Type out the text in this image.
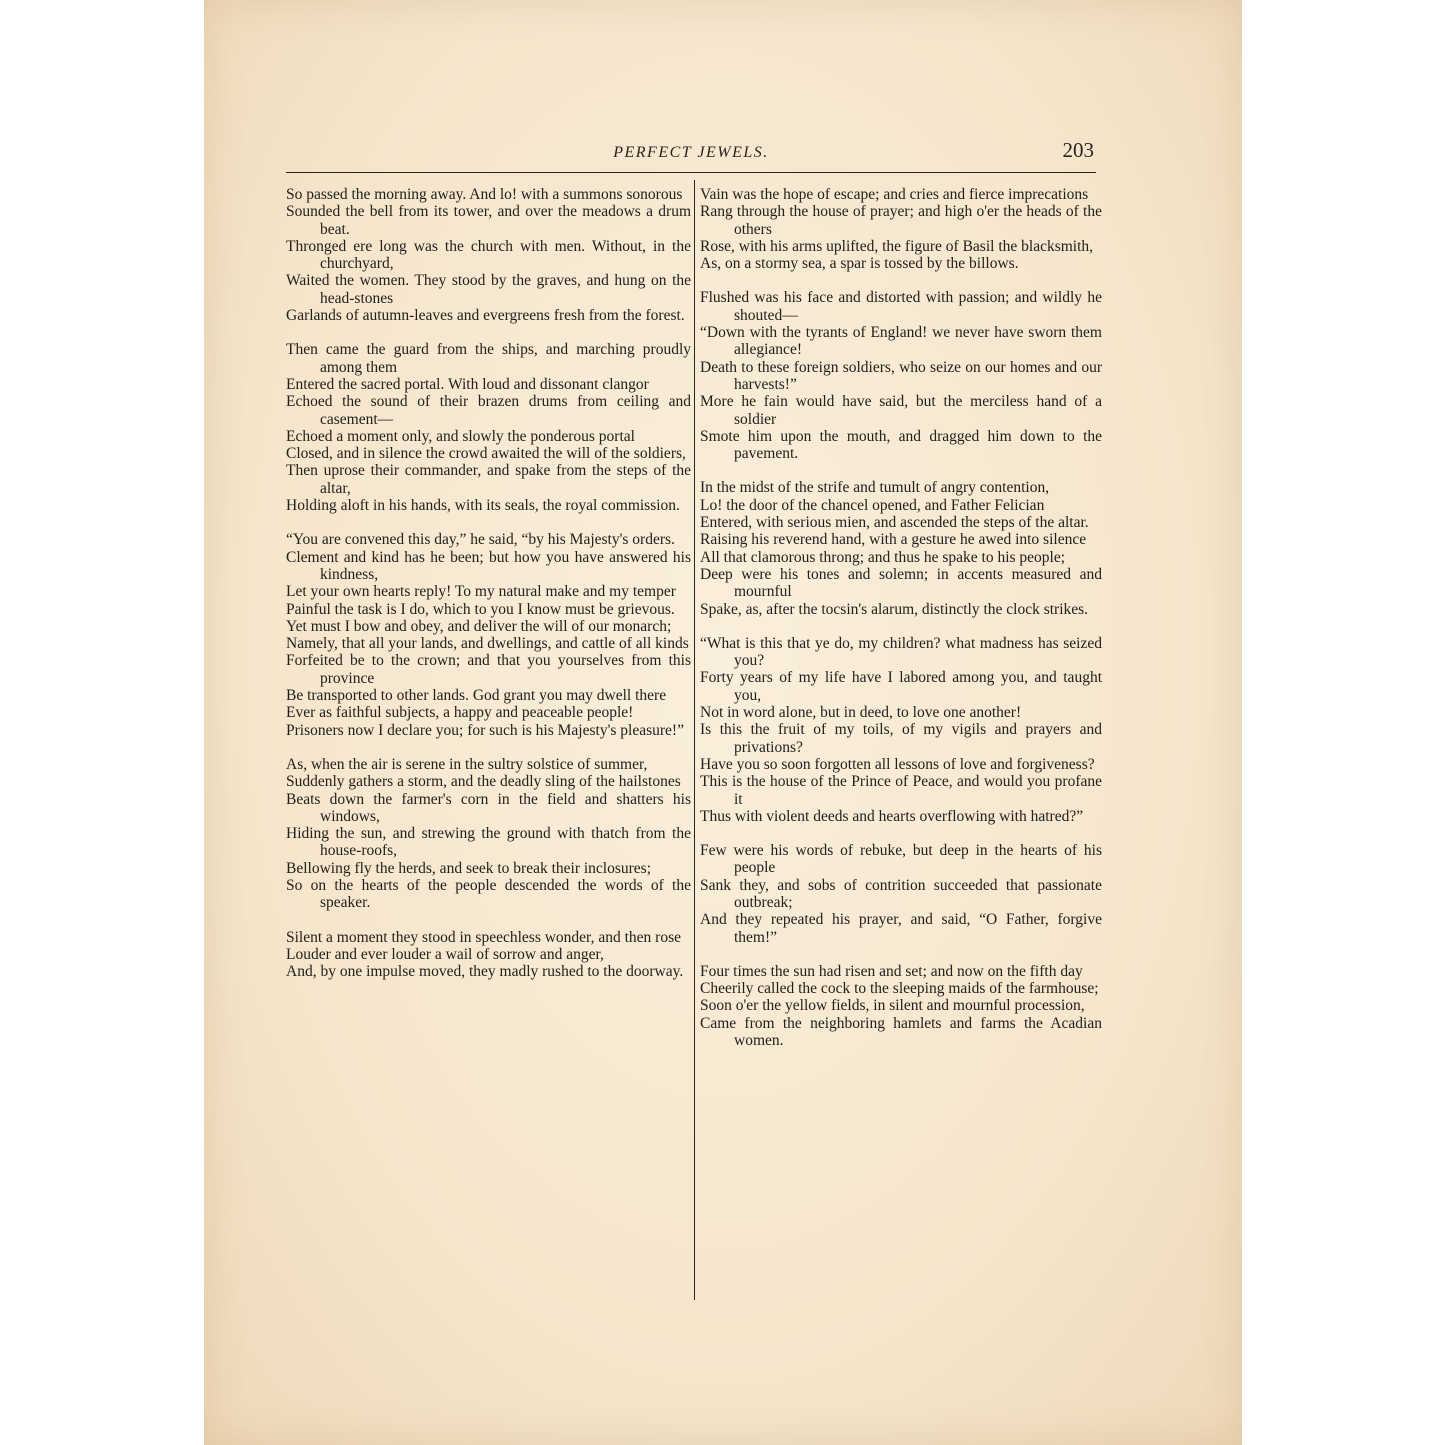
PERFECT JEWELS.	203

So passed the morning away. And lo! with a summons sonorous

Sounded the bell from its tower, and over the meadows a drum beat.

Thronged ere long was the church with men. Without, in the churchyard,

Waited the women. They stood by the graves, and hung on the head-stones

Garlands of autumn-leaves and evergreens fresh from the forest.

Then came the guard from the ships, and marching proudly among them

Entered the sacred portal. With loud and dissonant clangor

Echoed the sound of their brazen drums from ceiling and casement—

Echoed a moment only, and slowly the ponderous portal

Closed, and in silence the crowd awaited the will of the soldiers,

Then uprose their commander, and spake from the steps of the altar,

Holding aloft in his hands, with its seals, the royal commission.

“You are convened this day,” he said, “by his Majesty's orders.

Clement and kind has he been; but how you have answered his kindness,

Let your own hearts reply! To my natural make and my temper

Painful the task is I do, which to you I know must be grievous.

Yet must I bow and obey, and deliver the will of our monarch;

Namely, that all your lands, and dwellings, and cattle of all kinds

Forfeited be to the crown; and that you yourselves from this province

Be transported to other lands. God grant you may dwell there

Ever as faithful subjects, a happy and peaceable people!

Prisoners now I declare you; for such is his Majesty's pleasure!”

As, when the air is serene in the sultry solstice of summer,

Suddenly gathers a storm, and the deadly sling of the hailstones

Beats down the farmer's corn in the field and shatters his windows,

Hiding the sun, and strewing the ground with thatch from the house-roofs,

Bellowing fly the herds, and seek to break their inclosures;

So on the hearts of the people descended the words of the speaker.

Silent a moment they stood in speechless wonder, and then rose

Louder and ever louder a wail of sorrow and anger,

And, by one impulse moved, they madly rushed to the doorway.

Vain was the hope of escape; and cries and fierce imprecations

Rang through the house of prayer; and high o'er the heads of the others

Rose, with his arms uplifted, the figure of Basil the blacksmith,

As, on a stormy sea, a spar is tossed by the billows.

Flushed was his face and distorted with passion; and wildly he shouted—

“Down with the tyrants of England! we never have sworn them allegiance!

Death to these foreign soldiers, who seize on our homes and our harvests!”

More he fain would have said, but the merciless hand of a soldier

Smote him upon the mouth, and dragged him down to the pavement.

In the midst of the strife and tumult of angry contention,

Lo! the door of the chancel opened, and Father Felician

Entered, with serious mien, and ascended the steps of the altar.

Raising his reverend hand, with a gesture he awed into silence

All that clamorous throng; and thus he spake to his people;

Deep were his tones and solemn; in accents measured and mournful

Spake, as, after the tocsin's alarum, distinctly the clock strikes.

“What is this that ye do, my children? what madness has seized you?

Forty years of my life have I labored among you, and taught you,

Not in word alone, but in deed, to love one another!

Is this the fruit of my toils, of my vigils and prayers and privations?

Have you so soon forgotten all lessons of love and forgiveness?

This is the house of the Prince of Peace, and would you profane it

Thus with violent deeds and hearts overflowing with hatred?”

Few were his words of rebuke, but deep in the hearts of his people

Sank they, and sobs of contrition succeeded that passionate outbreak;

And they repeated his prayer, and said, “O Father, forgive them!”

Four times the sun had risen and set; and now on the fifth day

Cheerily called the cock to the sleeping maids of the farmhouse;

Soon o'er the yellow fields, in silent and mournful procession,

Came from the neighboring hamlets and farms the Acadian women.
